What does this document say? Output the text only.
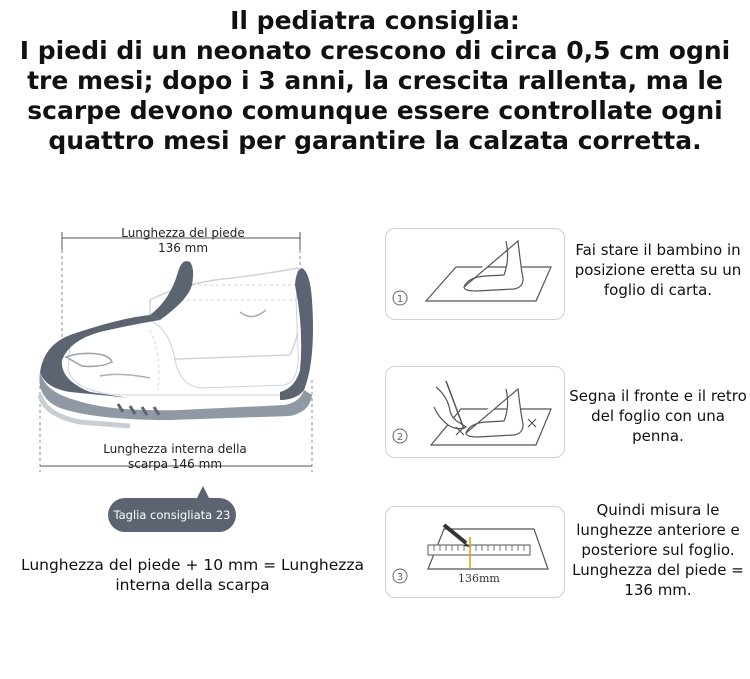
Il pediatra consiglia:
I piedi di un neonato crescono di circa 0,5 cm ogni
tre mesi; dopo i 3 anni, la crescita rallenta, ma le
scarpe devono comunque essere controllate ogni
quattro mesi per garantire la calzata corretta.
Lunghezza del piede 136 mm
Lunghezza interna della scarpa 146 mm
Taglia consigliata 23
Lunghezza del piede + 10 mm = Lunghezza interna della scarpa
1
Fai stare il bambino in posizione eretta su un foglio di carta.
2
Segna il fronte e il retro del foglio con una penna.
3	136mm
Quindi misura le lunghezze anteriore e posteriore sul foglio. Lunghezza del piede = 136 mm.
